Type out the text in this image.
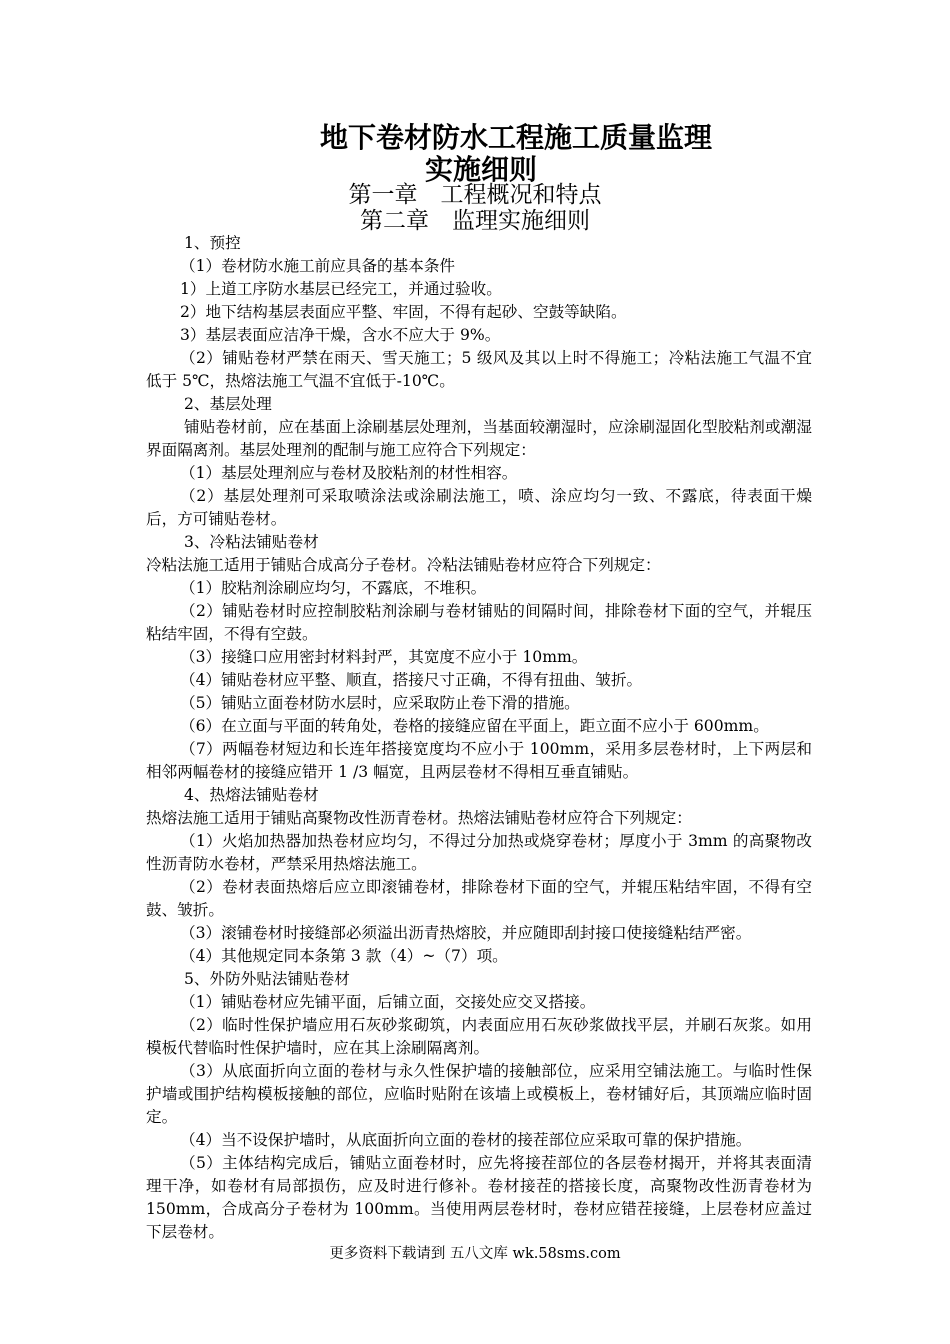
地下卷材防水工程施工质量监理
实施细则
第一章　工程概况和特点
第二章　监理实施细则

1、预控

（1）卷材防水施工前应具备的基本条件

1）上道工序防水基层已经完工，并通过验收。

2）地下结构基层表面应平整、牢固，不得有起砂、空鼓等缺陷。

3）基层表面应洁净干燥，含水不应大于 9%。

（2）铺贴卷材严禁在雨天、雪天施工；5 级风及其以上时不得施工；冷粘法施工气温不宜低于 5℃，热熔法施工气温不宜低于-10℃。

2、基层处理

铺贴卷材前，应在基面上涂刷基层处理剂，当基面较潮湿时，应涂刷湿固化型胶粘剂或潮湿界面隔离剂。基层处理剂的配制与施工应符合下列规定：

（1）基层处理剂应与卷材及胶粘剂的材性相容。

（2）基层处理剂可采取喷涂法或涂刷法施工，喷、涂应均匀一致、不露底，待表面干燥后，方可铺贴卷材。

3、冷粘法铺贴卷材

冷粘法施工适用于铺贴合成高分子卷材。冷粘法铺贴卷材应符合下列规定：

（1）胶粘剂涂刷应均匀，不露底，不堆积。

（2）铺贴卷材时应控制胶粘剂涂刷与卷材铺贴的间隔时间，排除卷材下面的空气，并辊压粘结牢固，不得有空鼓。

（3）接缝口应用密封材料封严，其宽度不应小于 10mm。

（4）铺贴卷材应平整、顺直，搭接尺寸正确，不得有扭曲、皱折。

（5）铺贴立面卷材防水层时，应采取防止卷下滑的措施。

（6）在立面与平面的转角处，卷格的接缝应留在平面上，距立面不应小于 600mm。

（7）两幅卷材短边和长连年搭接宽度均不应小于 100mm，采用多层卷材时，上下两层和相邻两幅卷材的接缝应错开 1 /3 幅宽，且两层卷材不得相互垂直铺贴。

4、热熔法铺贴卷材

热熔法施工适用于铺贴高聚物改性沥青卷材。热熔法铺贴卷材应符合下列规定：

（1）火焰加热器加热卷材应均匀，不得过分加热或烧穿卷材；厚度小于 3mm 的高聚物改性沥青防水卷材，严禁采用热熔法施工。

（2）卷材表面热熔后应立即滚铺卷材，排除卷材下面的空气，并辊压粘结牢固，不得有空鼓、皱折。

（3）滚铺卷材时接缝部必须溢出沥青热熔胶，并应随即刮封接口使接缝粘结严密。

（4）其他规定同本条第 3 款（4）~（7）项。

5、外防外贴法铺贴卷材

（1）铺贴卷材应先铺平面，后铺立面，交接处应交叉搭接。

（2）临时性保护墙应用石灰砂浆砌筑，内表面应用石灰砂浆做找平层，并刷石灰浆。如用模板代替临时性保护墙时，应在其上涂刷隔离剂。

（3）从底面折向立面的卷材与永久性保护墙的接触部位，应采用空铺法施工。与临时性保护墙或围护结构模板接触的部位，应临时贴附在该墙上或模板上，卷材铺好后，其顶端应临时固定。

（4）当不设保护墙时，从底面折向立面的卷材的接茬部位应采取可靠的保护措施。

（5）主体结构完成后，铺贴立面卷材时，应先将接茬部位的各层卷材揭开，并将其表面清理干净，如卷材有局部损伤，应及时进行修补。卷材接茬的搭接长度，高聚物改性沥青卷材为 150mm，合成高分子卷材为 100mm。当使用两层卷材时，卷材应错茬接缝，上层卷材应盖过下层卷材。

更多资料下载请到 五八文库 wk.58sms.com
